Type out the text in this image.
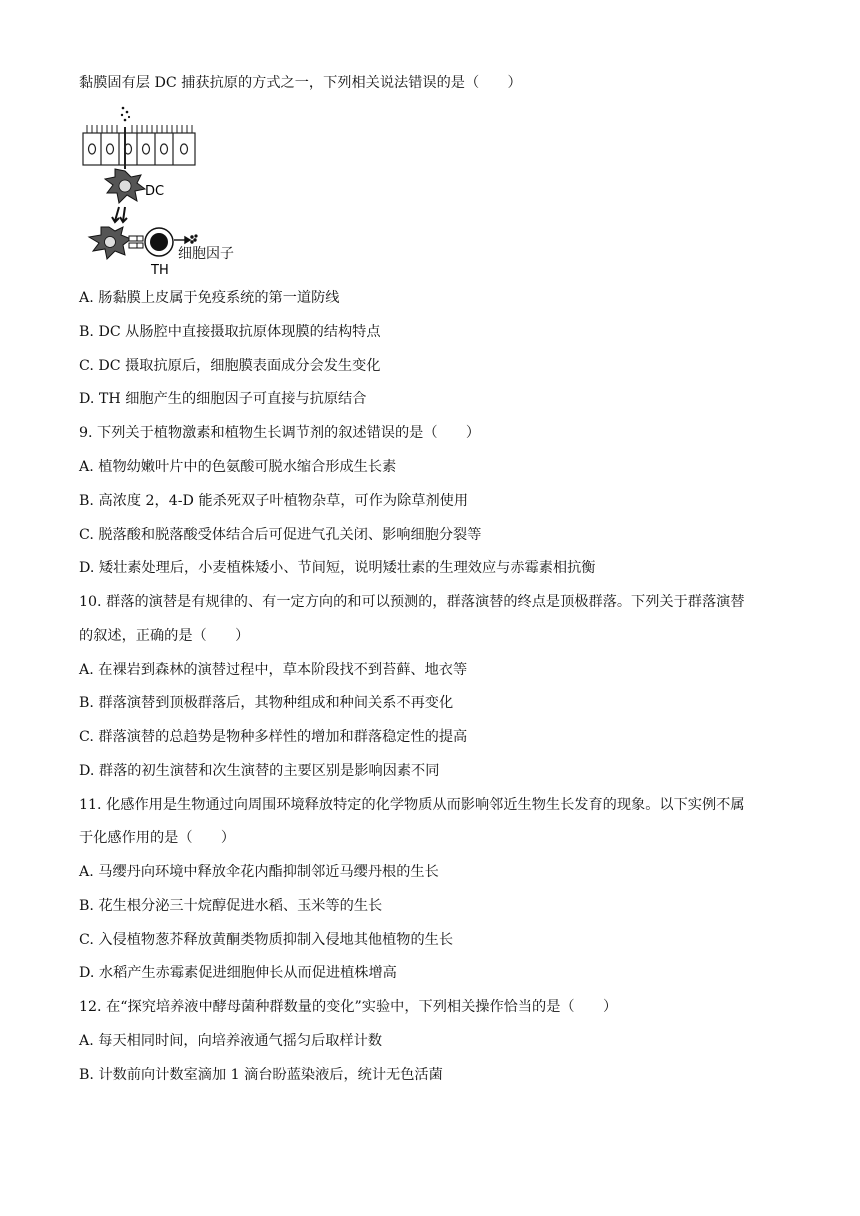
黏膜固有层 DC 捕获抗原的方式之一，下列相关说法错误的是（　　）
DC
TH
细胞因子
A. 肠黏膜上皮属于免疫系统的第一道防线
B. DC 从肠腔中直接摄取抗原体现膜的结构特点
C. DC 摄取抗原后，细胞膜表面成分会发生变化
D. TH 细胞产生的细胞因子可直接与抗原结合
9. 下列关于植物激素和植物生长调节剂的叙述错误的是（　　）
A. 植物幼嫩叶片中的色氨酸可脱水缩合形成生长素
B. 高浓度 2，4-D 能杀死双子叶植物杂草，可作为除草剂使用
C. 脱落酸和脱落酸受体结合后可促进气孔关闭、影响细胞分裂等
D. 矮壮素处理后，小麦植株矮小、节间短，说明矮壮素的生理效应与赤霉素相抗衡
10. 群落的演替是有规律的、有一定方向的和可以预测的，群落演替的终点是顶极群落。下列关于群落演替
的叙述，正确的是（　　）
A. 在裸岩到森林的演替过程中，草本阶段找不到苔藓、地衣等
B. 群落演替到顶极群落后，其物种组成和种间关系不再变化
C. 群落演替的总趋势是物种多样性的增加和群落稳定性的提高
D. 群落的初生演替和次生演替的主要区别是影响因素不同
11. 化感作用是生物通过向周围环境释放特定的化学物质从而影响邻近生物生长发育的现象。以下实例不属
于化感作用的是（　　）
A. 马缨丹向环境中释放伞花内酯抑制邻近马缨丹根的生长
B. 花生根分泌三十烷醇促进水稻、玉米等的生长
C. 入侵植物葱芥释放黄酮类物质抑制入侵地其他植物的生长
D. 水稻产生赤霉素促进细胞伸长从而促进植株增高
12. 在“探究培养液中酵母菌种群数量的变化”实验中，下列相关操作恰当的是（　　）
A. 每天相同时间，向培养液通气摇匀后取样计数
B. 计数前向计数室滴加 1 滴台盼蓝染液后，统计无色活菌
